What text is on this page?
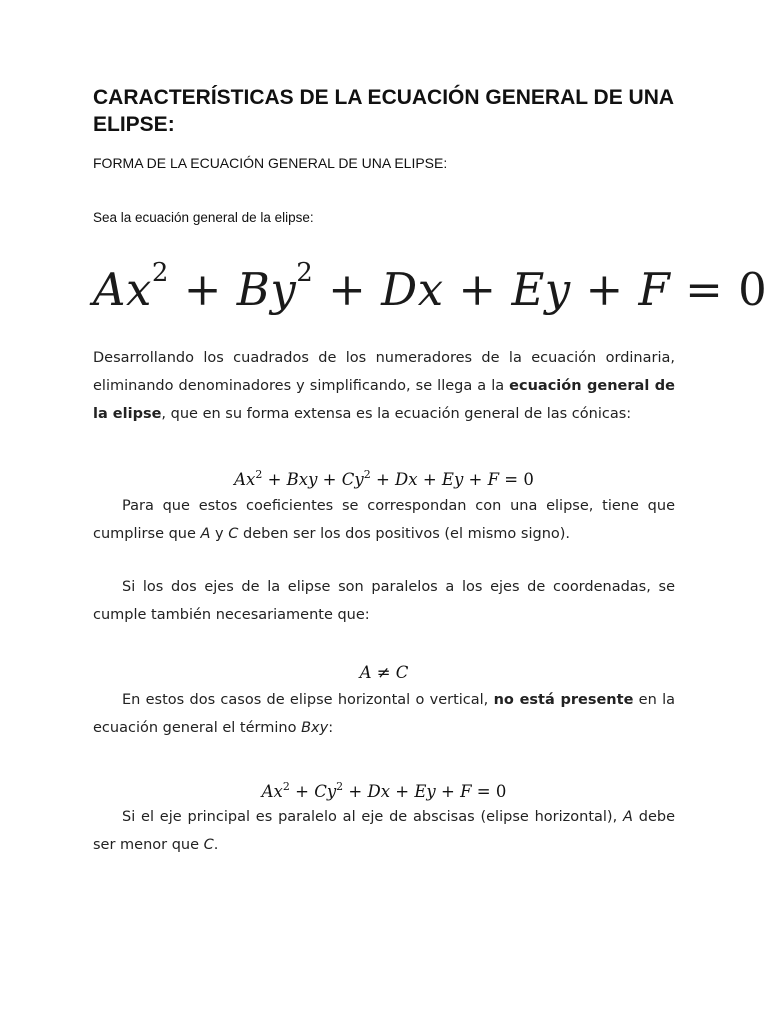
CARACTERÍSTICAS DE LA ECUACIÓN GENERAL DE UNA ELIPSE:

FORMA DE LA ECUACIÓN GENERAL DE UNA ELIPSE:

Sea la ecuación general de la elipse:

$Ax^2 + By^2 + Dx + Ey + F = 0$

Desarrollando los cuadrados de los numeradores de la ecuación ordinaria, eliminando denominadores y simplificando, se llega a la ecuación general de la elipse, que en su forma extensa es la ecuación general de las cónicas:

$Ax^2$ + Bxy + $Cy^2 + Dx + Ey + F = 0$

Para que estos coeficientes se correspondan con una elipse, tiene que cumplirse que A y C deben ser los dos positivos (el mismo signo).

Si los dos ejes de la elipse son paralelos a los ejes de coordenadas, se cumple también necesariamente que:

A ≠ C

En estos dos casos de elipse horizontal o vertical, no está presente en la ecuación general el término Bxy:

$Ax^2 + Cy^2 + Dx + Ey + F = 0$

Si el eje principal es paralelo al eje de abscisas (elipse horizontal), A debe ser menor que C.
